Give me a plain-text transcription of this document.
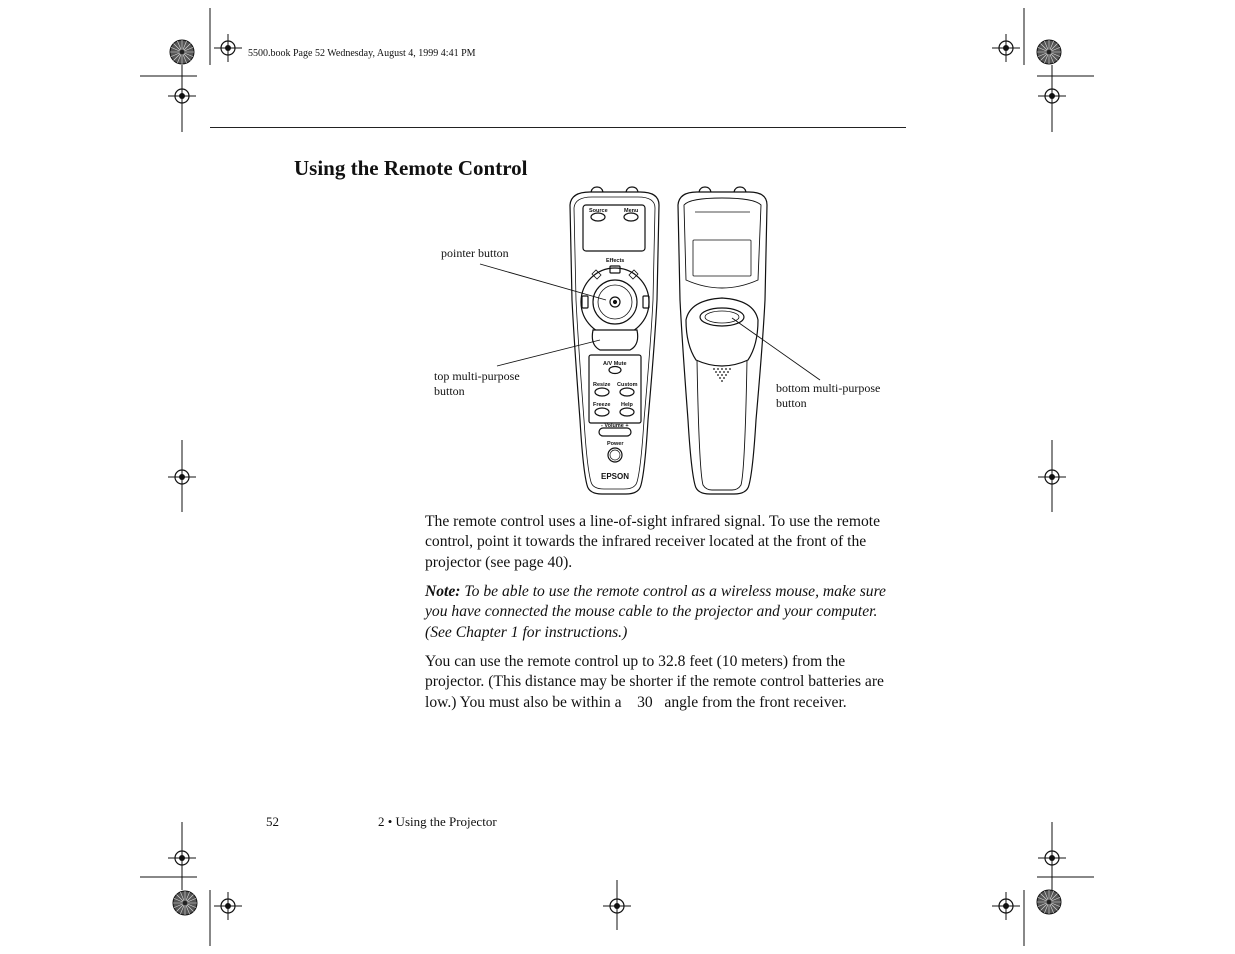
Source	Menu
Effects
A/V Mute
Resize Custom
Freeze Help
- Volume +
Power
EPSON
5500.book Page 52 Wednesday, August 4, 1999 4:41 PM
Using the Remote Control
pointer button
top multi-purpose
button	bottom multi-purpose
button
The remote control uses a line-of-sight infrared signal. To use the remote control, point it towards the infrared receiver located at the front of the projector (see page 40).
Note: To be able to use the remote control as a wireless mouse, make sure you have connected the mouse cable to the projector and your computer. (See Chapter 1 for instructions.)
You can use the remote control up to 32.8 feet (10 meters) from the projector. (This distance may be shorter if the remote control batteries are low.) You must also be within a    30   angle from the front receiver.
52	2 • Using the Projector
